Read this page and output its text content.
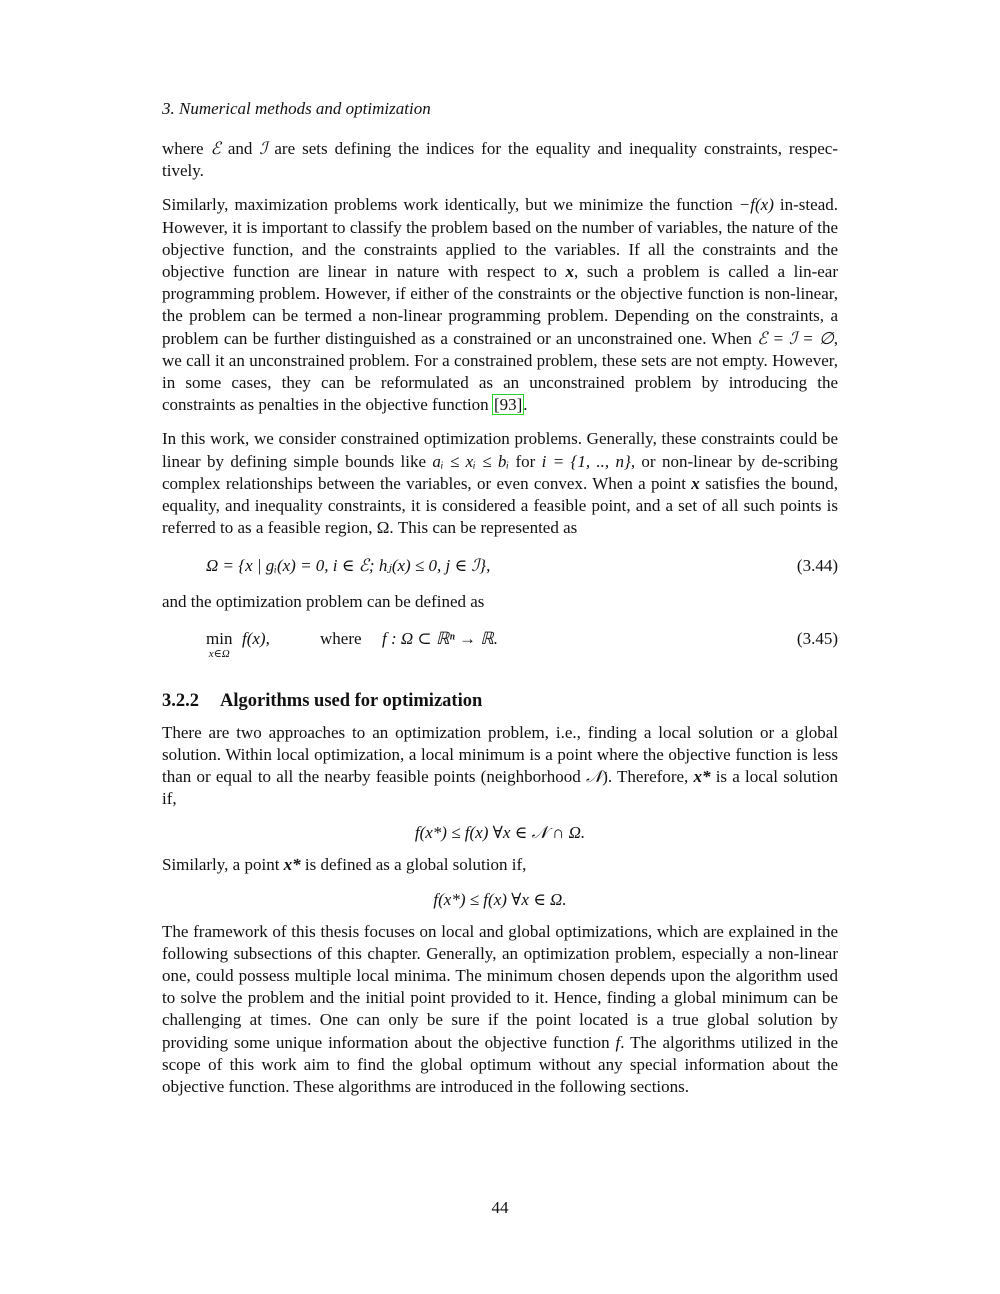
3. Numerical methods and optimization

where ℰ and ℐ are sets defining the indices for the equality and inequality constraints, respec-tively.

Similarly, maximization problems work identically, but we minimize the function −f(x) in-stead. However, it is important to classify the problem based on the number of variables, the nature of the objective function, and the constraints applied to the variables. If all the constraints and the objective function are linear in nature with respect to x, such a problem is called a lin-ear programming problem. However, if either of the constraints or the objective function is non-linear, the problem can be termed a non-linear programming problem. Depending on the constraints, a problem can be further distinguished as a constrained or an unconstrained one. When ℰ = ℐ = ∅, we call it an unconstrained problem. For a constrained problem, these sets are not empty. However, in some cases, they can be reformulated as an unconstrained problem by introducing the constraints as penalties in the objective function [93].

In this work, we consider constrained optimization problems. Generally, these constraints could be linear by defining simple bounds like aᵢ ≤ xᵢ ≤ bᵢ for i = {1, .., n}, or non-linear by de-scribing complex relationships between the variables, or even convex. When a point x satisfies the bound, equality, and inequality constraints, it is considered a feasible point, and a set of all such points is referred to as a feasible region, Ω. This can be represented as

Ω = {x | gᵢ(x) = 0, i ∈ ℰ; hⱼ(x) ≤ 0, j ∈ ℐ},	(3.44)

and the optimization problem can be defined as

min
x∈Ω
f(x),	where f : Ω ⊂ ℝⁿ → ℝ.	(3.45)
3.2.2 Algorithms used for optimization

There are two approaches to an optimization problem, i.e., finding a local solution or a global solution. Within local optimization, a local minimum is a point where the objective function is less than or equal to all the nearby feasible points (neighborhood 𝒩). Therefore, x* is a local solution if,

f(x*) ≤ f(x) ∀x ∈ 𝒩 ∩ Ω.

Similarly, a point x* is defined as a global solution if,

f(x*) ≤ f(x) ∀x ∈ Ω.

The framework of this thesis focuses on local and global optimizations, which are explained in the following subsections of this chapter. Generally, an optimization problem, especially a non-linear one, could possess multiple local minima. The minimum chosen depends upon the algorithm used to solve the problem and the initial point provided to it. Hence, finding a global minimum can be challenging at times. One can only be sure if the point located is a true global solution by providing some unique information about the objective function f. The algorithms utilized in the scope of this work aim to find the global optimum without any special information about the objective function. These algorithms are introduced in the following sections.

44
